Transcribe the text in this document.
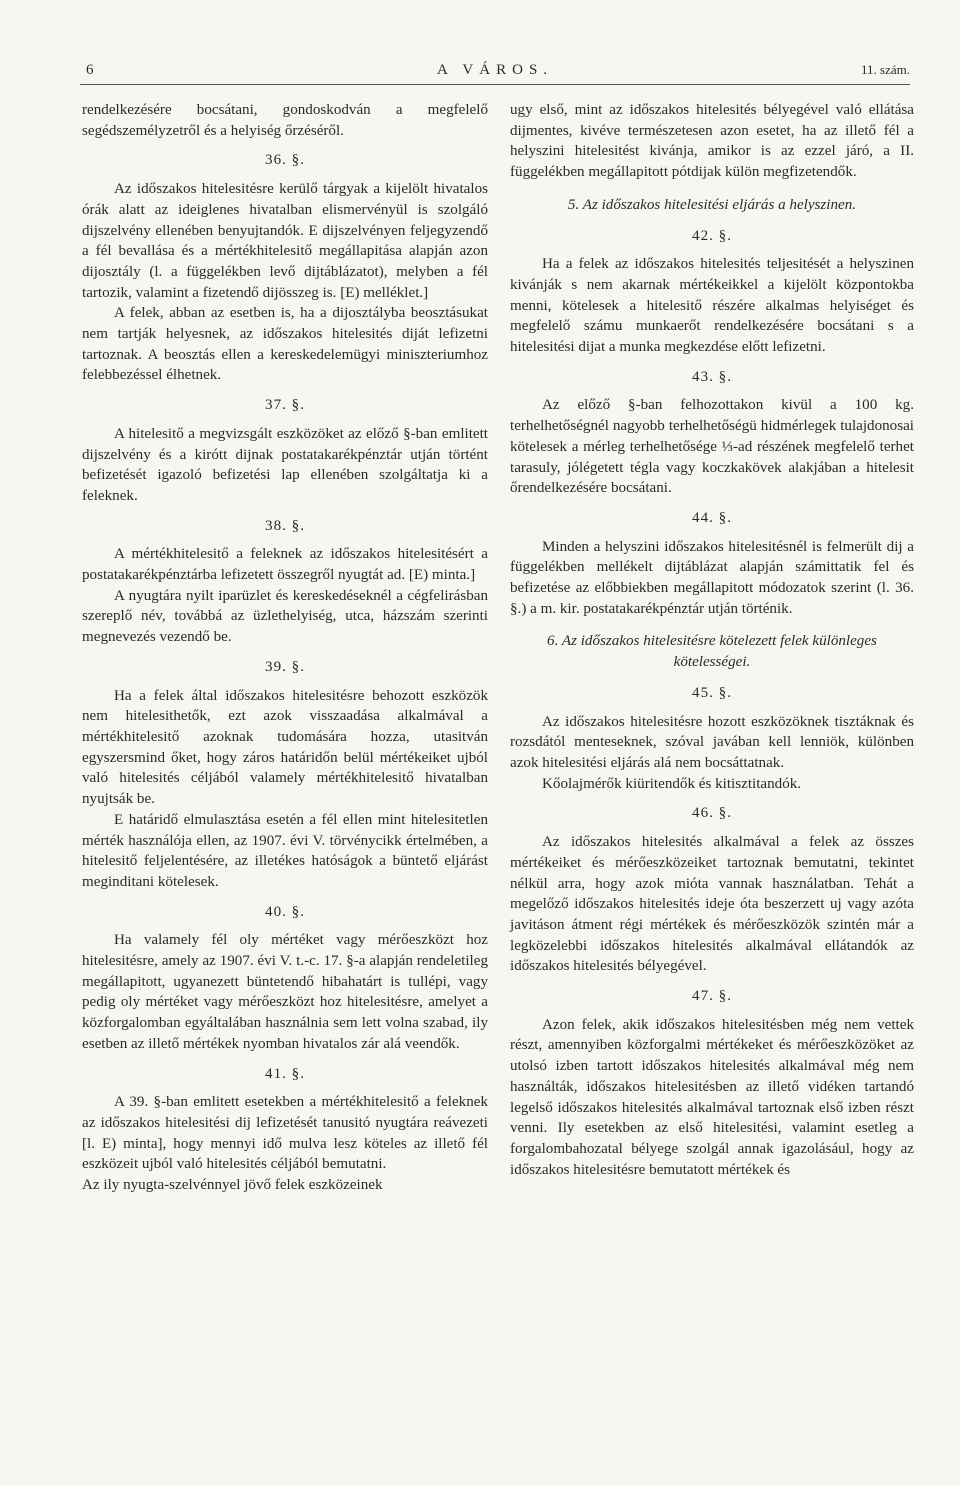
6	A VÁROS.	11. szám.

rendelkezésére bocsátani, gondoskodván a megfelelő segédszemélyzetről és a helyiség őrzéséről.

36. §.

Az időszakos hitelesitésre kerülő tárgyak a kijelölt hivatalos órák alatt az ideiglenes hivatalban elismervényül is szolgáló dijszelvény ellenében benyujtandók. E dijszelvényen feljegyzendő a fél bevallása és a mértékhitelesitő megállapitása alapján azon dijosztály (l. a függelékben levő dijtáblázatot), melyben a fél tartozik, valamint a fizetendő dijösszeg is. [E) melléklet.]

A felek, abban az esetben is, ha a dijosztályba beosztásukat nem tartják helyesnek, az időszakos hitelesités diját lefizetni tartoznak. A beosztás ellen a kereskedelemügyi miniszteriumhoz felebbezéssel élhetnek.

37. §.

A hitelesitő a megvizsgált eszközöket az előző §-ban emlitett dijszelvény és a kirótt dijnak postatakarékpénztár utján történt befizetését igazoló befizetési lap ellenében szolgáltatja ki a feleknek.

38. §.

A mértékhitelesitő a feleknek az időszakos hitelesitésért a postatakarékpénztárba lefizetett összegről nyugtát ad. [E) minta.]

A nyugtára nyilt iparüzlet és kereskedéseknél a cégfelirásban szereplő név, továbbá az üzlethelyiség, utca, házszám szerinti megnevezés vezendő be.

39. §.

Ha a felek által időszakos hitelesitésre behozott eszközök nem hitelesithetők, ezt azok visszaadása alkalmával a mértékhitelesitő azoknak tudomására hozza, utasitván egyszersmind őket, hogy záros határidőn belül mértékeiket ujból való hitelesités céljából valamely mértékhitelesitő hivatalban nyujtsák be.

E határidő elmulasztása esetén a fél ellen mint hitelesitetlen mérték használója ellen, az 1907. évi V. törvénycikk értelmében, a hitelesitő feljelentésére, az illetékes hatóságok a büntető eljárást meginditani kötelesek.

40. §.

Ha valamely fél oly mértéket vagy mérőeszközt hoz hitelesitésre, amely az 1907. évi V. t.-c. 17. §-a alapján rendeletileg megállapitott, ugyanezett büntetendő hibahatárt is tullépi, vagy pedig oly mértéket vagy mérőeszközt hoz hitelesitésre, amelyet a közforgalomban egyáltalában használnia sem lett volna szabad, ily esetben az illető mértékek nyomban hivatalos zár alá veendők.

41. §.

A 39. §-ban emlitett esetekben a mértékhitelesitő a feleknek az időszakos hitelesitési dij lefizetését tanusitó nyugtára reávezeti [l. E) minta], hogy mennyi idő mulva lesz köteles az illető fél eszközeit ujból való hitelesités céljából bemutatni.

Az ily nyugta-szelvénnyel jövő felek eszközeinek

ugy első, mint az időszakos hitelesités bélyegével való ellátása dijmentes, kivéve természetesen azon esetet, ha az illető fél a helyszini hitelesitést kivánja, amikor is az ezzel járó, a II. függelékben megállapitott pótdijak külön megfizetendők.

5. Az időszakos hitelesitési eljárás a helyszinen.
42. §.

Ha a felek az időszakos hitelesités teljesitését a helyszinen kivánják s nem akarnak mértékeikkel a kijelölt központokba menni, kötelesek a hitelesitő részére alkalmas helyiséget és megfelelő számu munkaerőt rendelkezésére bocsátani s a hitelesitési dijat a munka megkezdése előtt lefizetni.

43. §.

Az előző §-ban felhozottakon kivül a 100 kg. terhelhetőségnél nagyobb terhelhetőségü hidmérlegek tulajdonosai kötelesek a mérleg terhelhetősége ⅓-ad részének megfelelő terhet tarasuly, jólégetett tégla vagy koczkakövek alakjában a hitelesit őrendelkezésére bocsátani.

44. §.

Minden a helyszini időszakos hitelesitésnél is felmerült dij a függelékben mellékelt dijtáblázat alapján számittatik fel és befizetése az előbbiekben megállapitott módozatok szerint (l. 36. §.) a m. kir. postatakarékpénztár utján történik.

6. Az időszakos hitelesitésre kötelezett felek különleges kötelességei.
45. §.

Az időszakos hitelesitésre hozott eszközöknek tisztáknak és rozsdától menteseknek, szóval javában kell lenniök, különben azok hitelesitési eljárás alá nem bocsáttatnak.

Kőolajmérők kiüritendők és kitisztitandók.

46. §.

Az időszakos hitelesités alkalmával a felek az összes mértékeiket és mérőeszközeiket tartoznak bemutatni, tekintet nélkül arra, hogy azok mióta vannak használatban. Tehát a megelőző időszakos hitelesités ideje óta beszerzett uj vagy azóta javitáson átment régi mértékek és mérőeszközök szintén már a legközelebbi időszakos hitelesités alkalmával ellátandók az időszakos hitelesités bélyegével.

47. §.

Azon felek, akik időszakos hitelesitésben még nem vettek részt, amennyiben közforgalmi mértékeket és mérőeszközöket az utolsó izben tartott időszakos hitelesités alkalmával még nem használták, időszakos hitelesitésben az illető vidéken tartandó legelső időszakos hitelesités alkalmával tartoznak első izben részt venni. Ily esetekben az első hitelesitési, valamint esetleg a forgalombahozatal bélyege szolgál annak igazolásául, hogy az időszakos hitelesitésre bemutatott mértékek és
